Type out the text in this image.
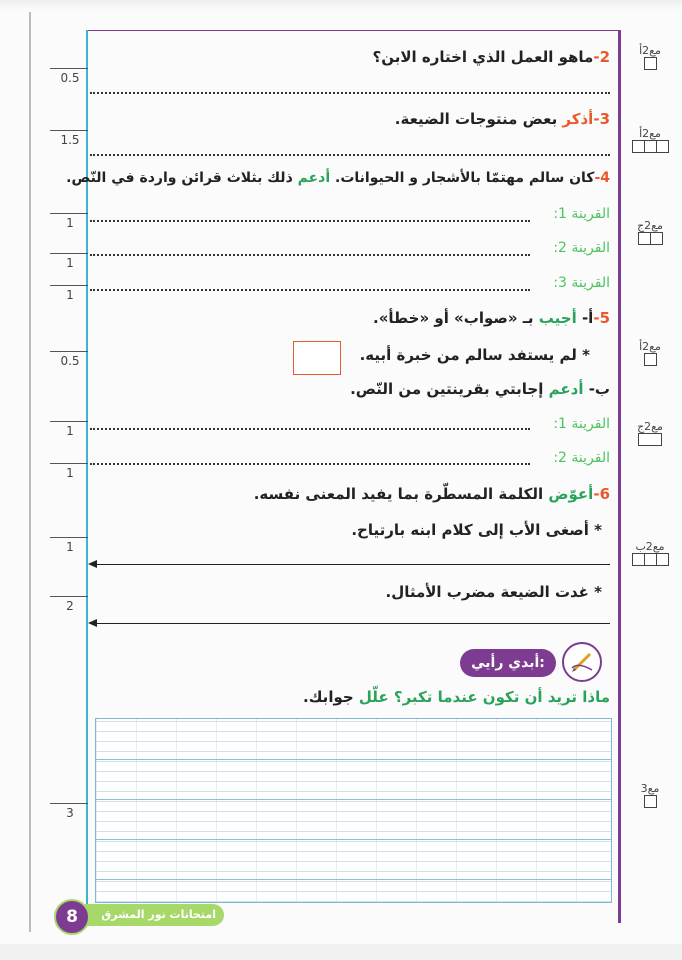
0.5
1.5
1
1
1
0.5
1
1
1
2
3
مع2أ
مع2أ
مع2ج
مع2أ
مع2ج
مع2ب
مع3
2-ماهو العمل الذي اختاره الابن؟
3-أذكر بعض منتوجات الضيعة.
4-كان سالم مهتمّا بالأشجار و الحيوانات. أدعم ذلك بثلاث قرائن واردة في النّص.
القرينة 1:
القرينة 2:
القرينة 3:
5-أ- أجيب بـ «صواب» أو «خطأ».
* لم يستفد سالم من خبرة أبيه.
ب- أدعم إجابتي بقرينتين من النّص.
القرينة 1:
القرينة 2:
6-أعوّض الكلمة المسطّرة بما يفيد المعنى نفسه.
* أصغى الأب إلى كلام ابنه بارتياح.
* غدت الضيعة مضرب الأمثال.
أبدي رأيي:
ماذا تريد أن تكون عندما تكبر؟ علّل جوابك.
امتحانات نور المشرق
8
